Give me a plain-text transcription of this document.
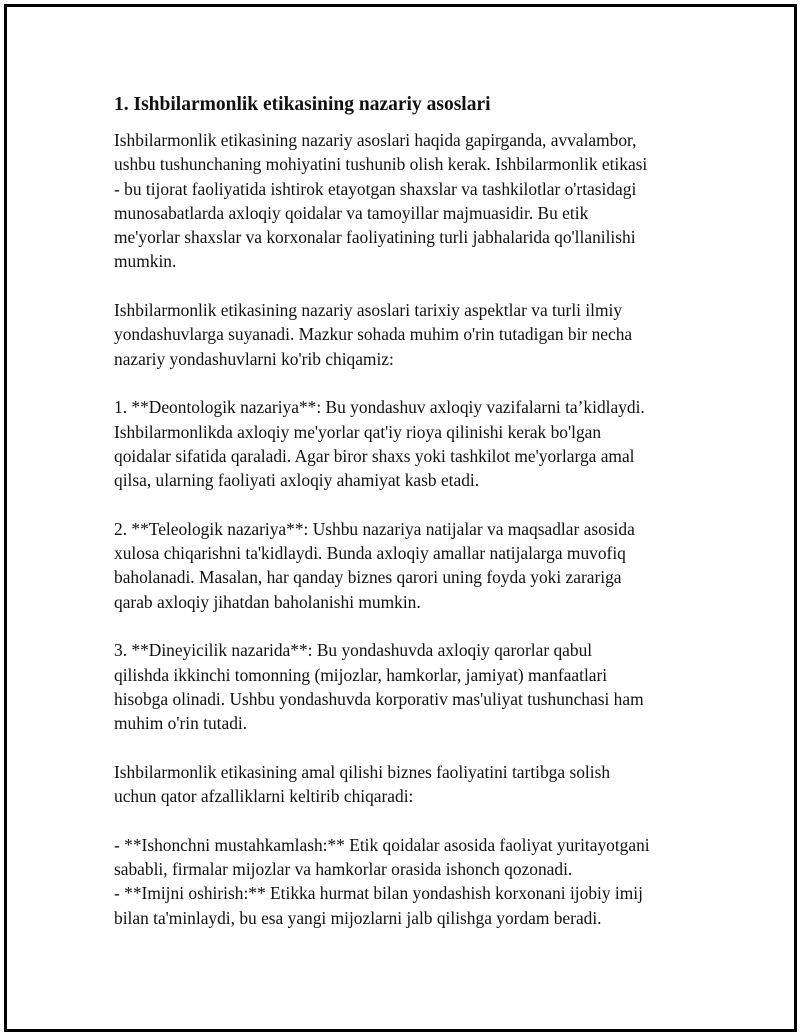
1. Ishbilarmonlik etikasining nazariy asoslari

Ishbilarmonlik etikasining nazariy asoslari haqida gapirganda, avvalambor,
ushbu tushunchaning mohiyatini tushunib olish kerak. Ishbilarmonlik etikasi
- bu tijorat faoliyatida ishtirok etayotgan shaxslar va tashkilotlar o'rtasidagi
munosabatlarda axloqiy qoidalar va tamoyillar majmuasidir. Bu etik
me'yorlar shaxslar va korxonalar faoliyatining turli jabhalarida qo'llanilishi
mumkin.

Ishbilarmonlik etikasining nazariy asoslari tarixiy aspektlar va turli ilmiy
yondashuvlarga suyanadi. Mazkur sohada muhim o'rin tutadigan bir necha
nazariy yondashuvlarni ko'rib chiqamiz:

1. **Deontologik nazariya**: Bu yondashuv axloqiy vazifalarni ta’kidlaydi.
Ishbilarmonlikda axloqiy me'yorlar qat'iy rioya qilinishi kerak bo'lgan
qoidalar sifatida qaraladi. Agar biror shaxs yoki tashkilot me'yorlarga amal
qilsa, ularning faoliyati axloqiy ahamiyat kasb etadi.

2. **Teleologik nazariya**: Ushbu nazariya natijalar va maqsadlar asosida
xulosa chiqarishni ta'kidlaydi. Bunda axloqiy amallar natijalarga muvofiq
baholanadi. Masalan, har qanday biznes qarori uning foyda yoki zarariga
qarab axloqiy jihatdan baholanishi mumkin.

3. **Dineyicilik nazarida**: Bu yondashuvda axloqiy qarorlar qabul
qilishda ikkinchi tomonning (mijozlar, hamkorlar, jamiyat) manfaatlari
hisobga olinadi. Ushbu yondashuvda korporativ mas'uliyat tushunchasi ham
muhim o'rin tutadi.

Ishbilarmonlik etikasining amal qilishi biznes faoliyatini tartibga solish
uchun qator afzalliklarni keltirib chiqaradi:

- **Ishonchni mustahkamlash:** Etik qoidalar asosida faoliyat yuritayotgani
sababli, firmalar mijozlar va hamkorlar orasida ishonch qozonadi.
- **Imijni oshirish:** Etikka hurmat bilan yondashish korxonani ijobiy imij
bilan ta'minlaydi, bu esa yangi mijozlarni jalb qilishga yordam beradi.
